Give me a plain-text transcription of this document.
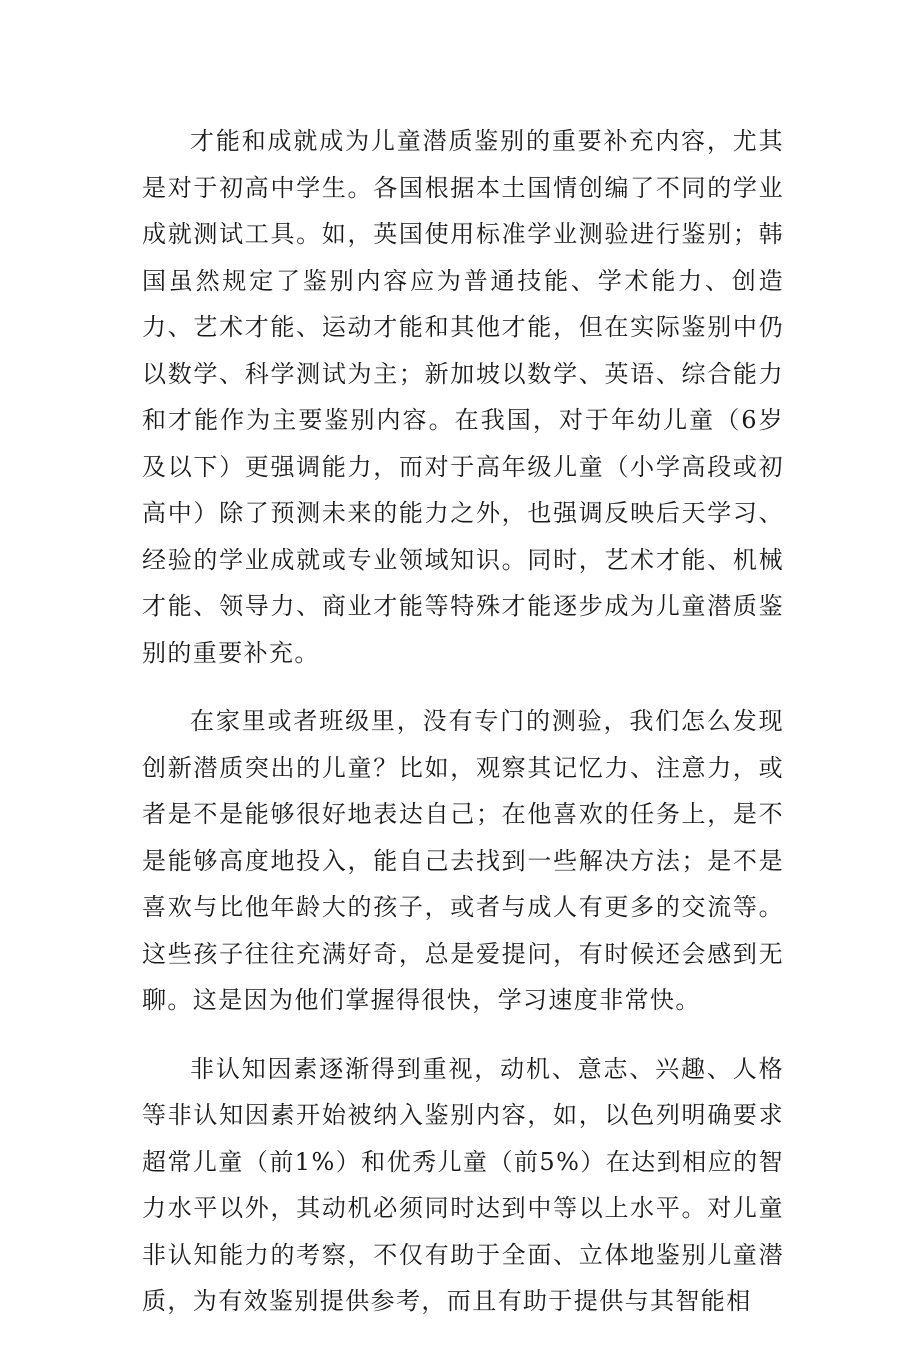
才能和成就成为儿童潜质鉴别的重要补充内容，尤其是对于初高中学生。各国根据本土国情创编了不同的学业成就测试工具。如，英国使用标准学业测验进行鉴别；韩国虽然规定了鉴别内容应为普通技能、学术能力、创造力、艺术才能、运动才能和其他才能，但在实际鉴别中仍以数学、科学测试为主；新加坡以数学、英语、综合能力和才能作为主要鉴别内容。在我国，对于年幼儿童（6岁及以下）更强调能力，而对于高年级儿童（小学高段或初高中）除了预测未来的能力之外，也强调反映后天学习、经验的学业成就或专业领域知识。同时，艺术才能、机械才能、领导力、商业才能等特殊才能逐步成为儿童潜质鉴别的重要补充。

在家里或者班级里，没有专门的测验，我们怎么发现创新潜质突出的儿童？比如，观察其记忆力、注意力，或者是不是能够很好地表达自己；在他喜欢的任务上，是不是能够高度地投入，能自己去找到一些解决方法；是不是喜欢与比他年龄大的孩子，或者与成人有更多的交流等。这些孩子往往充满好奇，总是爱提问，有时候还会感到无聊。这是因为他们掌握得很快，学习速度非常快。

非认知因素逐渐得到重视，动机、意志、兴趣、人格等非认知因素开始被纳入鉴别内容，如，以色列明确要求超常儿童（前1%）和优秀儿童（前5%）在达到相应的智力水平以外，其动机必须同时达到中等以上水平。对儿童非认知能力的考察，不仅有助于全面、立体地鉴别儿童潜质，为有效鉴别提供参考，而且有助于提供与其智能相
